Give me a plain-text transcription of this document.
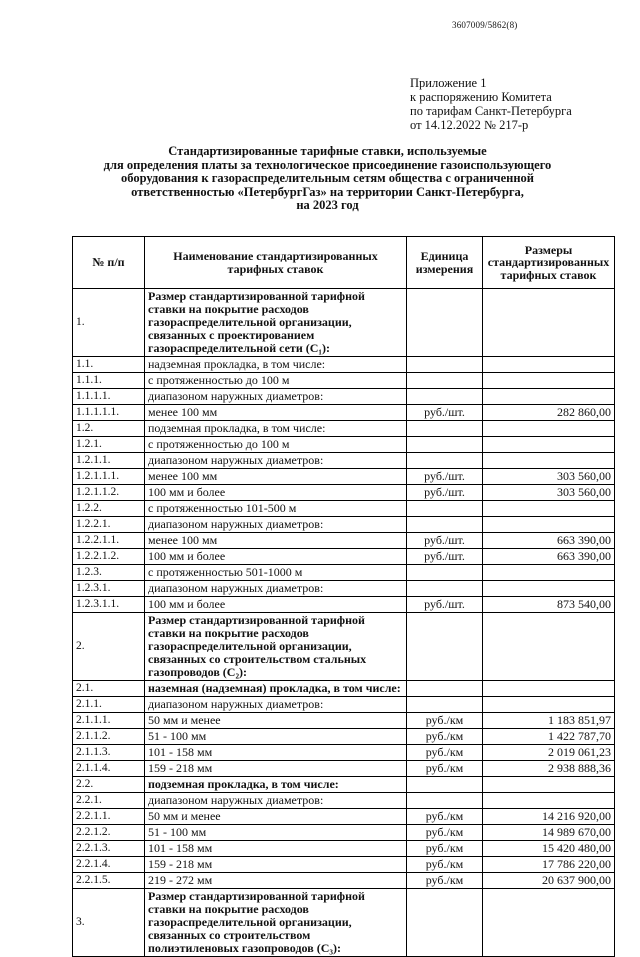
3607009/5862(8)
Приложение 1
к распоряжению Комитета
по тарифам Санкт-Петербурга
от 14.12.2022 № 217-р
Стандартизированные тарифные ставки, используемые
для определения платы за технологическое присоединение газоиспользующего
оборудования к газораспределительным сетям общества с ограниченной
ответственностью «ПетербургГаз» на территории Санкт-Петербурга,
на 2023 год
№ п/п	Наименование стандартизированных тарифных ставок	Единица измерения	Размеры стандартизированных тарифных ставок
1.	Размер стандартизированной тарифной ставки на покрытие расходов газораспределительной организации, связанных с проектированием газораспределительной сети (C₁):		
1.1.	надземная прокладка, в том числе:		
1.1.1.	с протяженностью до 100 м		
1.1.1.1.	диапазоном наружных диаметров:		
1.1.1.1.1.	менее 100 мм	руб./шт.	282 860,00
1.2.	подземная прокладка, в том числе:		
1.2.1.	с протяженностью до 100 м		
1.2.1.1.	диапазоном наружных диаметров:		
1.2.1.1.1.	менее 100 мм	руб./шт.	303 560,00
1.2.1.1.2.	100 мм и более	руб./шт.	303 560,00
1.2.2.	с протяженностью 101-500 м		
1.2.2.1.	диапазоном наружных диаметров:		
1.2.2.1.1.	менее 100 мм	руб./шт.	663 390,00
1.2.2.1.2.	100 мм и более	руб./шт.	663 390,00
1.2.3.	с протяженностью 501-1000 м		
1.2.3.1.	диапазоном наружных диаметров:		
1.2.3.1.1.	100 мм и более	руб./шт.	873 540,00
2.	Размер стандартизированной тарифной ставки на покрытие расходов газораспределительной организации, связанных со строительством стальных газопроводов (C₂):		
2.1.	наземная (надземная) прокладка, в том числе:		
2.1.1.	диапазоном наружных диаметров:		
2.1.1.1.	50 мм и менее	руб./км	1 183 851,97
2.1.1.2.	51 - 100 мм	руб./км	1 422 787,70
2.1.1.3.	101 - 158 мм	руб./км	2 019 061,23
2.1.1.4.	159 - 218 мм	руб./км	2 938 888,36
2.2.	подземная прокладка, в том числе:		
2.2.1.	диапазоном наружных диаметров:		
2.2.1.1.	50 мм и менее	руб./км	14 216 920,00
2.2.1.2.	51 - 100 мм	руб./км	14 989 670,00
2.2.1.3.	101 - 158 мм	руб./км	15 420 480,00
2.2.1.4.	159 - 218 мм	руб./км	17 786 220,00
2.2.1.5.	219 - 272 мм	руб./км	20 637 900,00
3.	Размер стандартизированной тарифной ставки на покрытие расходов газораспределительной организации, связанных со строительством полиэтиленовых газопроводов (C₃):		
